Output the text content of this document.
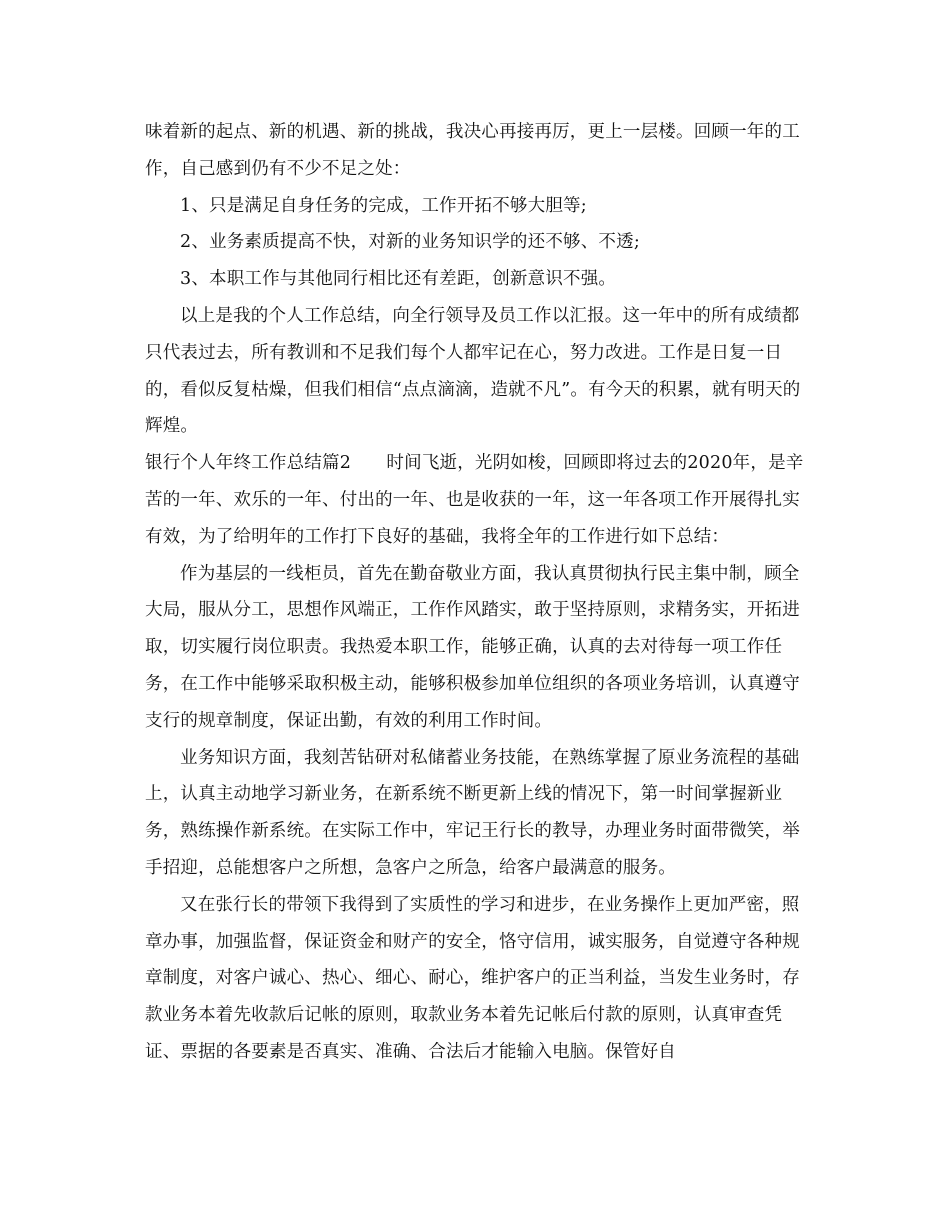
味着新的起点、新的机遇、新的挑战，我决心再接再厉，更上一层楼。回顾一年的工作，自己感到仍有不少不足之处：

1、只是满足自身任务的完成，工作开拓不够大胆等;

2、业务素质提高不快，对新的业务知识学的还不够、不透;

3、本职工作与其他同行相比还有差距，创新意识不强。

以上是我的个人工作总结，向全行领导及员工作以汇报。这一年中的所有成绩都只代表过去，所有教训和不足我们每个人都牢记在心，努力改进。工作是日复一日的，看似反复枯燥，但我们相信“点点滴滴，造就不凡”。有今天的积累，就有明天的辉煌。

银行个人年终工作总结篇2　　时间飞逝，光阴如梭，回顾即将过去的2020年，是辛苦的一年、欢乐的一年、付出的一年、也是收获的一年，这一年各项工作开展得扎实有效，为了给明年的工作打下良好的基础，我将全年的工作进行如下总结：

作为基层的一线柜员，首先在勤奋敬业方面，我认真贯彻执行民主集中制，顾全大局，服从分工，思想作风端正，工作作风踏实，敢于坚持原则，求精务实，开拓进取，切实履行岗位职责。我热爱本职工作，能够正确，认真的去对待每一项工作任务，在工作中能够采取积极主动，能够积极参加单位组织的各项业务培训，认真遵守支行的规章制度，保证出勤，有效的利用工作时间。

业务知识方面，我刻苦钻研对私储蓄业务技能，在熟练掌握了原业务流程的基础上，认真主动地学习新业务，在新系统不断更新上线的情况下，第一时间掌握新业务，熟练操作新系统。在实际工作中，牢记王行长的教导，办理业务时面带微笑，举手招迎，总能想客户之所想，急客户之所急，给客户最满意的服务。

又在张行长的带领下我得到了实质性的学习和进步，在业务操作上更加严密，照章办事，加强监督，保证资金和财产的安全，恪守信用，诚实服务，自觉遵守各种规章制度，对客户诚心、热心、细心、耐心，维护客户的正当利益，当发生业务时，存款业务本着先收款后记帐的原则，取款业务本着先记帐后付款的原则，认真审查凭证、票据的各要素是否真实、准确、合法后才能输入电脑。保管好自
